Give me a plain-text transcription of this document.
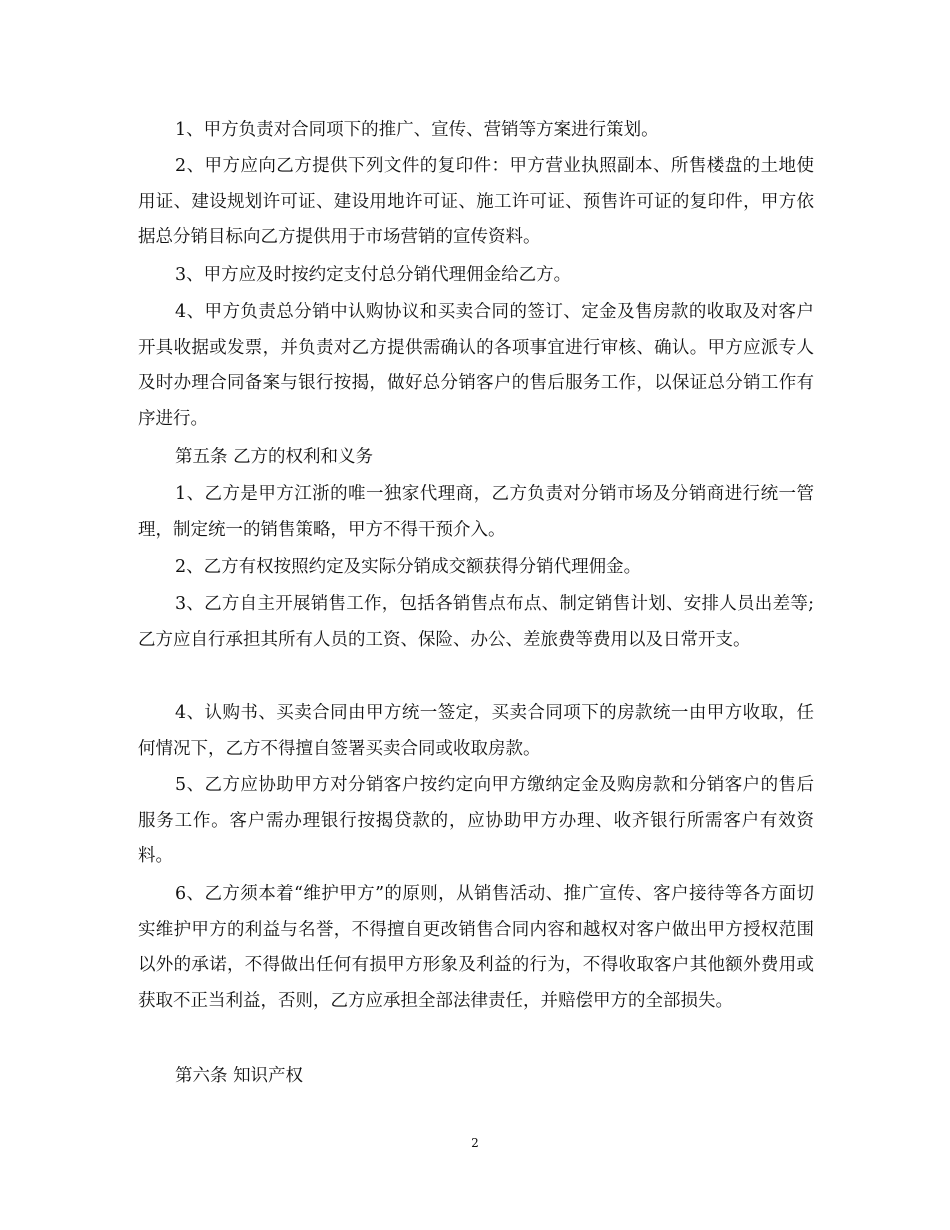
1、甲方负责对合同项下的推广、宣传、营销等方案进行策划。

2、甲方应向乙方提供下列文件的复印件：甲方营业执照副本、所售楼盘的土地使用证、建设规划许可证、建设用地许可证、施工许可证、预售许可证的复印件，甲方依据总分销目标向乙方提供用于市场营销的宣传资料。

3、甲方应及时按约定支付总分销代理佣金给乙方。

4、甲方负责总分销中认购协议和买卖合同的签订、定金及售房款的收取及对客户开具收据或发票，并负责对乙方提供需确认的各项事宜进行审核、确认。甲方应派专人及时办理合同备案与银行按揭，做好总分销客户的售后服务工作，以保证总分销工作有序进行。

第五条 乙方的权利和义务

1、乙方是甲方江浙的唯一独家代理商，乙方负责对分销市场及分销商进行统一管理，制定统一的销售策略，甲方不得干预介入。

2、乙方有权按照约定及实际分销成交额获得分销代理佣金。

3、乙方自主开展销售工作，包括各销售点布点、制定销售计划、安排人员出差等;乙方应自行承担其所有人员的工资、保险、办公、差旅费等费用以及日常开支。

4、认购书、买卖合同由甲方统一签定，买卖合同项下的房款统一由甲方收取，任何情况下，乙方不得擅自签署买卖合同或收取房款。

5、乙方应协助甲方对分销客户按约定向甲方缴纳定金及购房款和分销客户的售后服务工作。客户需办理银行按揭贷款的，应协助甲方办理、收齐银行所需客户有效资料。

6、乙方须本着“维护甲方”的原则，从销售活动、推广宣传、客户接待等各方面切实维护甲方的利益与名誉，不得擅自更改销售合同内容和越权对客户做出甲方授权范围以外的承诺，不得做出任何有损甲方形象及利益的行为，不得收取客户其他额外费用或获取不正当利益，否则，乙方应承担全部法律责任，并赔偿甲方的全部损失。

第六条 知识产权

2
